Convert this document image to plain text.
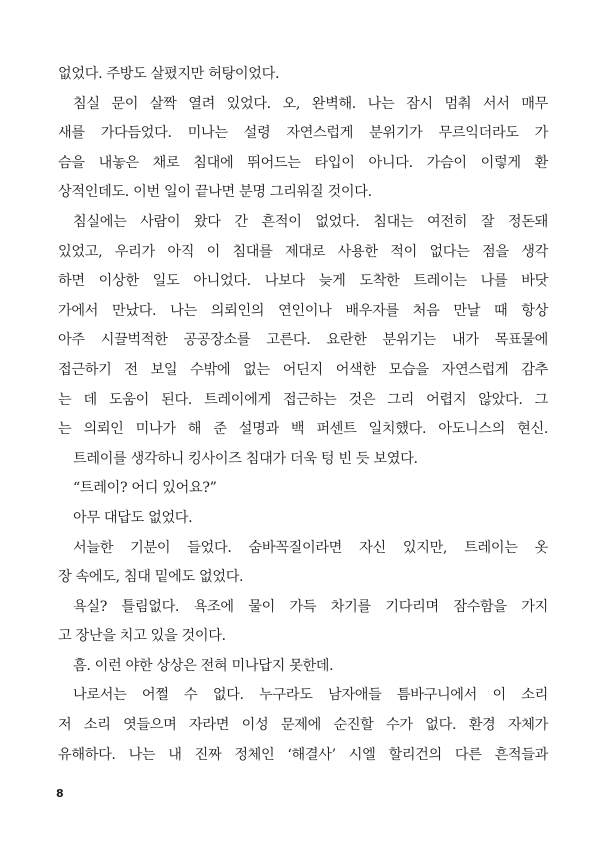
없었다. 주방도 살폈지만 허탕이었다.
침실 문이 살짝 열려 있었다. 오, 완벽해. 나는 잠시 멈춰 서서 매무
새를 가다듬었다. 미나는 설령 자연스럽게 분위기가 무르익더라도 가
슴을 내놓은 채로 침대에 뛰어드는 타입이 아니다. 가슴이 이렇게 환
상적인데도. 이번 일이 끝나면 분명 그리워질 것이다.
침실에는 사람이 왔다 간 흔적이 없었다. 침대는 여전히 잘 정돈돼
있었고, 우리가 아직 이 침대를 제대로 사용한 적이 없다는 점을 생각
하면 이상한 일도 아니었다. 나보다 늦게 도착한 트레이는 나를 바닷
가에서 만났다. 나는 의뢰인의 연인이나 배우자를 처음 만날 때 항상
아주 시끌벅적한 공공장소를 고른다. 요란한 분위기는 내가 목표물에
접근하기 전 보일 수밖에 없는 어딘지 어색한 모습을 자연스럽게 감추
는 데 도움이 된다. 트레이에게 접근하는 것은 그리 어렵지 않았다. 그
는 의뢰인 미나가 해 준 설명과 백 퍼센트 일치했다. 아도니스의 현신.
트레이를 생각하니 킹사이즈 침대가 더욱 텅 빈 듯 보였다.
“트레이? 어디 있어요?”
아무 대답도 없었다.
서늘한 기분이 들었다. 숨바꼭질이라면 자신 있지만, 트레이는 옷
장 속에도, 침대 밑에도 없었다.
욕실? 틀림없다. 욕조에 물이 가득 차기를 기다리며 잠수함을 가지
고 장난을 치고 있을 것이다.
흠. 이런 야한 상상은 전혀 미나답지 못한데.
나로서는 어쩔 수 없다. 누구라도 남자애들 틈바구니에서 이 소리
저 소리 엿들으며 자라면 이성 문제에 순진할 수가 없다. 환경 자체가
유해하다. 나는 내 진짜 정체인 ‘해결사’ 시엘 할리건의 다른 흔적들과
8
